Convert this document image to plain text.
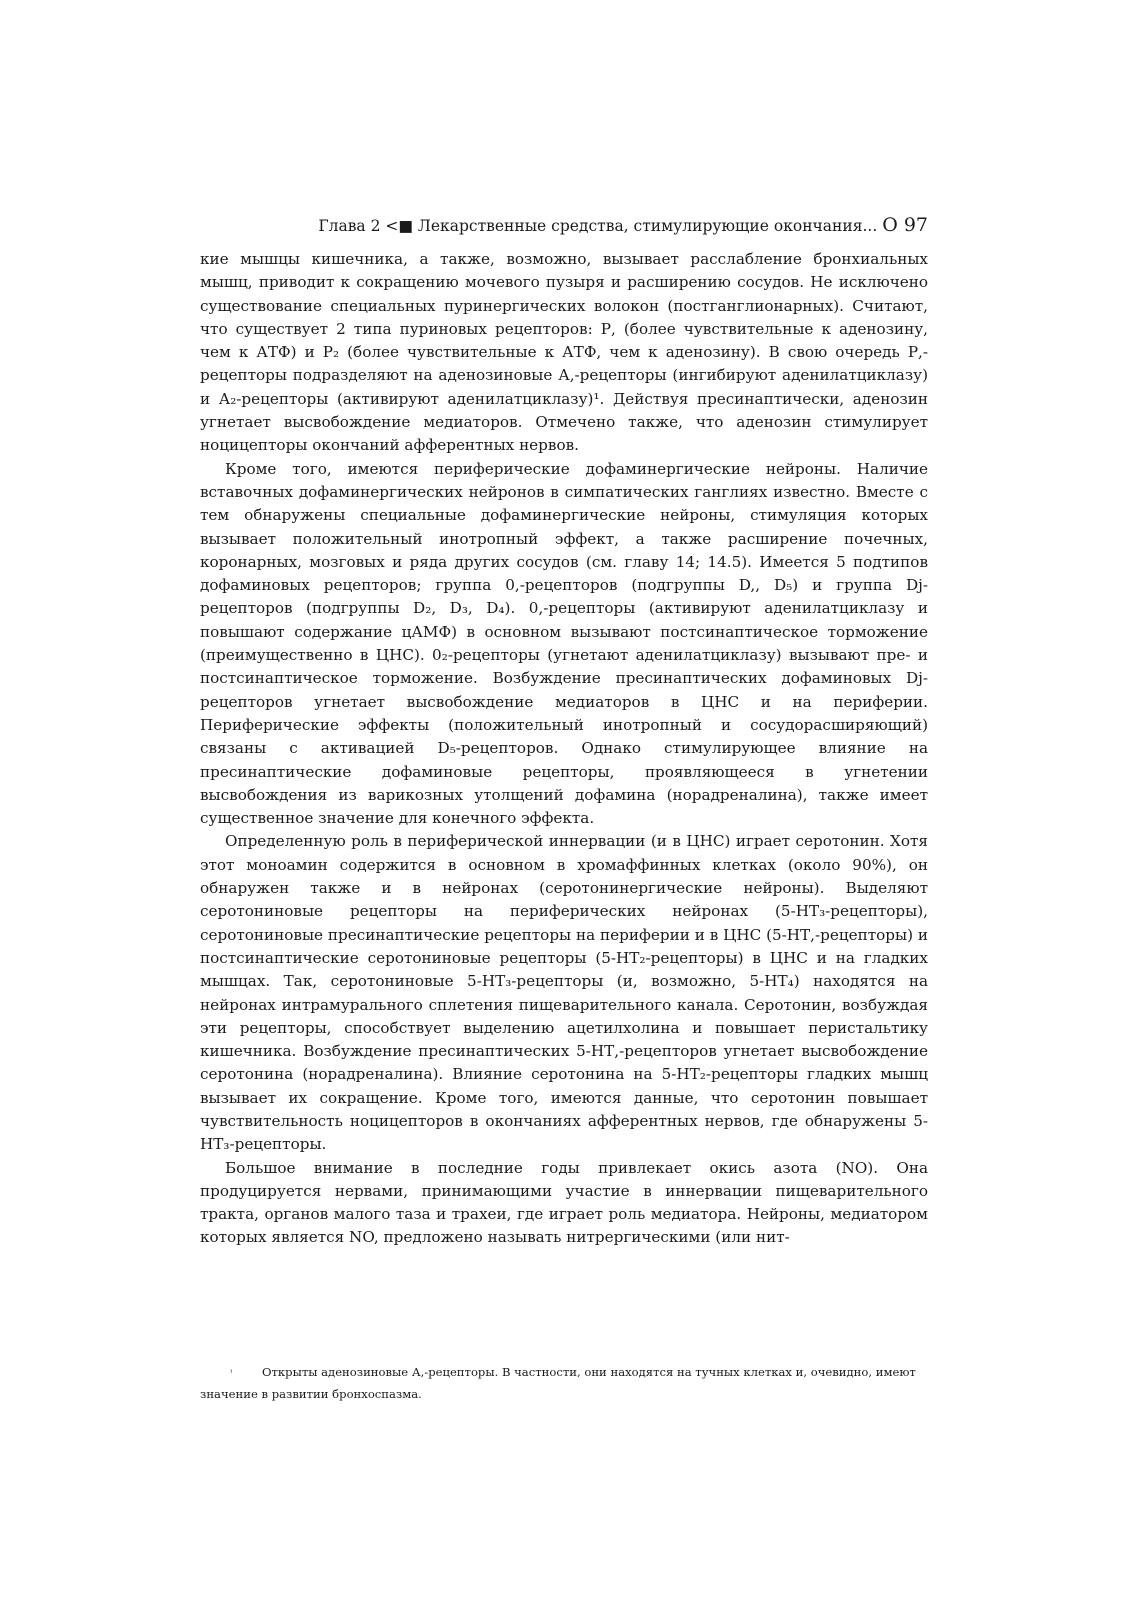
Глава 2 <■ Лекарственные средства, стимулирующие окончания... О 97

кие мышцы кишечника, а также, возможно, вызывает расслабление бронхиальных мышц, приводит к сокращению мочевого пузыря и расширению сосудов. Не исключено существование специальных пуринергических волокон (постганглионарных). Считают, что существует 2 типа пуриновых рецепторов: Р, (более чувствительные к аденозину, чем к АТФ) и Р₂ (более чувствительные к АТФ, чем к аденозину). В свою очередь Р,-рецепторы подразделяют на аденозиновые А,-рецепторы (ингибируют аденилатциклазу) и А₂-рецепторы (активируют аденилатциклазу)¹. Действуя пресинаптически, аденозин угнетает высвобождение медиаторов. Отмечено также, что аденозин стимулирует ноцицепторы окончаний афферентных нервов.

Кроме того, имеются периферические дофаминергические нейроны. Наличие вставочных дофаминергических нейронов в симпатических ганглиях известно. Вместе с тем обнаружены специальные дофаминергические нейроны, стимуляция которых вызывает положительный инотропный эффект, а также расширение почечных, коронарных, мозговых и ряда других сосудов (см. главу 14; 14.5). Имеется 5 подтипов дофаминовых рецепторов; группа 0,-рецепторов (подгруппы D,, D₅) и группа Dj-рецепторов (подгруппы D₂, D₃, D₄). 0,-рецепторы (активируют аденилатциклазу и повышают содержание цАМФ) в основном вызывают постсинаптическое торможение (преимущественно в ЦНС). 0₂-рецепторы (угнетают аденилатциклазу) вызывают пре- и постсинаптическое торможение. Возбуждение пресинаптических дофаминовых Dj-рецепторов угнетает высвобождение медиаторов в ЦНС и на периферии. Периферические эффекты (положительный инотропный и сосудорасширяющий) связаны с активацией D₅-рецепторов. Однако стимулирующее влияние на пресинаптические дофаминовые рецепторы, проявляющееся в угнетении высвобождения из варикозных утолщений дофамина (норадреналина), также имеет существенное значение для конечного эффекта.

Определенную роль в периферической иннервации (и в ЦНС) играет серотонин. Хотя этот моноамин содержится в основном в хромаффинных клетках (около 90%), он обнаружен также и в нейронах (серотонинергические нейроны). Выделяют серотониновые рецепторы на периферических нейронах (5-НТ₃-рецепторы), серотониновые пресинаптические рецепторы на периферии и в ЦНС (5-НТ,-рецепторы) и постсинаптические серотониновые рецепторы (5-НТ₂-рецепторы) в ЦНС и на гладких мышцах. Так, серотониновые 5-НТ₃-рецепторы (и, возможно, 5-НТ₄) находятся на нейронах интрамурального сплетения пищеварительного канала. Серотонин, возбуждая эти рецепторы, способствует выделению ацетилхолина и повышает перистальтику кишечника. Возбуждение пресинаптических 5-НТ,-рецепторов угнетает высвобождение серотонина (норадреналина). Влияние серотонина на 5-НТ₂-рецепторы гладких мышц вызывает их сокращение. Кроме того, имеются данные, что серотонин повышает чувствительность ноцицепторов в окончаниях афферентных нервов, где обнаружены 5-НТ₃-рецепторы.

Большое внимание в последние годы привлекает окись азота (NO). Она продуцируется нервами, принимающими участие в иннервации пищеварительного тракта, органов малого таза и трахеи, где играет роль медиатора. Нейроны, медиатором которых является NO, предложено называть нитрергическими (или нит-

¹	Открыты аденозиновые А,-рецепторы. В частности, они находятся на тучных клетках и, очевидно, имеют значение в развитии бронхоспазма.
